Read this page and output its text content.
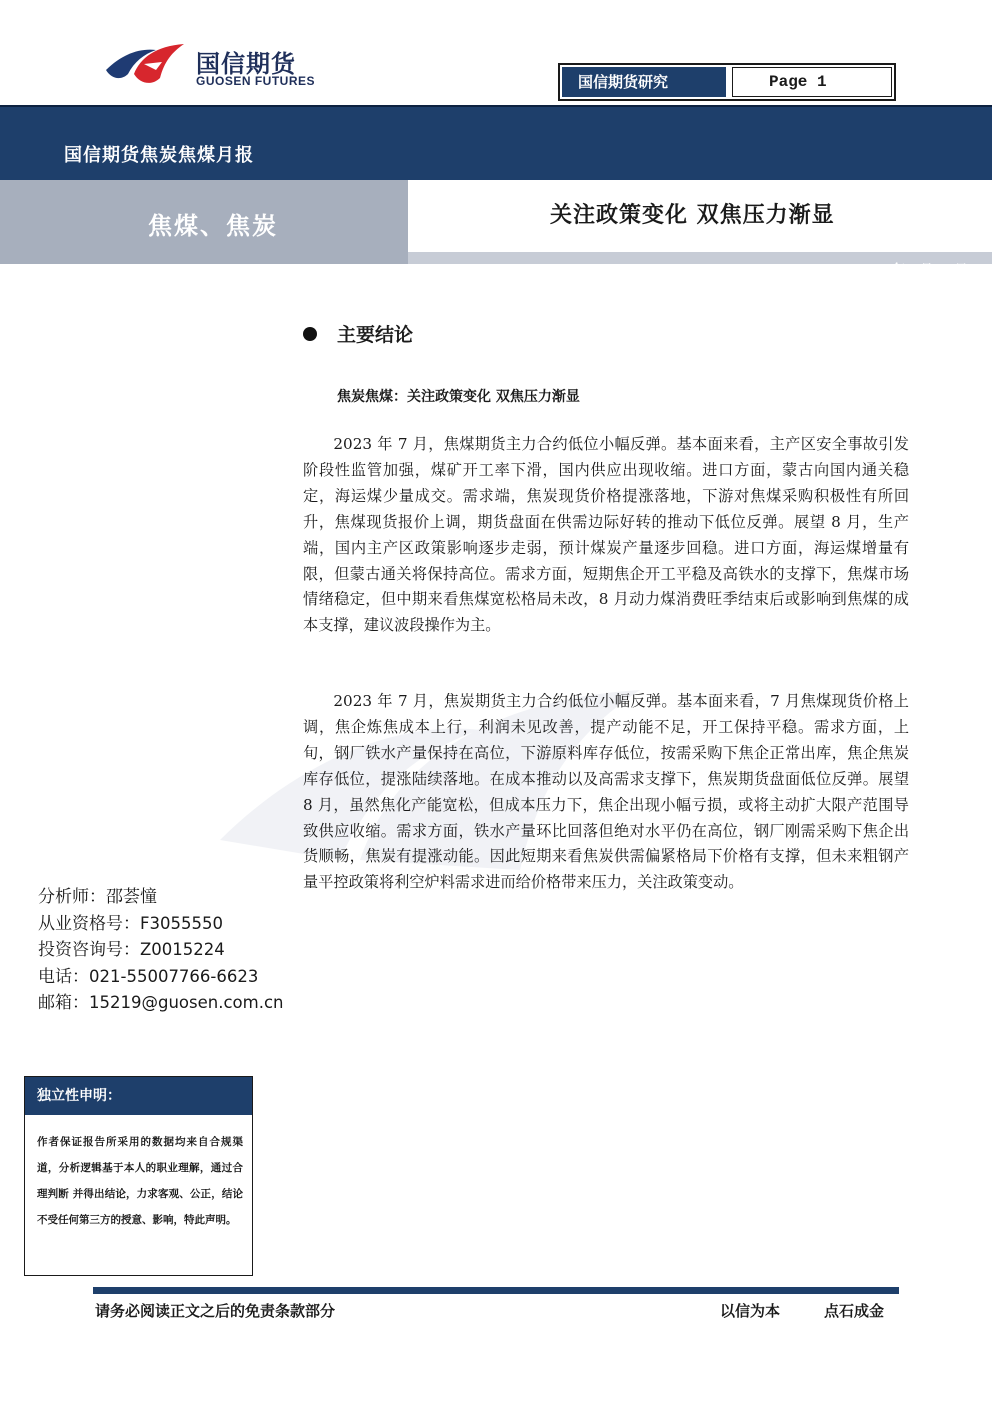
国信期货
GUOSEN FUTURES	国信期货研究	Page 1
国信期货焦炭焦煤月报
焦煤、焦炭	关注政策变化 双焦压力渐显
2023 年 7 月 30 日
主要结论
焦炭焦煤：关注政策变化 双焦压力渐显
2023 年 7 月，焦煤期货主力合约低位小幅反弹。基本面来看，主产区安全事故引发阶段性监管加强，煤矿开工率下滑，国内供应出现收缩。进口方面，蒙古向国内通关稳定，海运煤少量成交。需求端，焦炭现货价格提涨落地，下游对焦煤采购积极性有所回升，焦煤现货报价上调，期货盘面在供需边际好转的推动下低位反弹。展望 8 月，生产端，国内主产区政策影响逐步走弱，预计煤炭产量逐步回稳。进口方面，海运煤增量有限，但蒙古通关将保持高位。需求方面，短期焦企开工平稳及高铁水的支撑下，焦煤市场情绪稳定，但中期来看焦煤宽松格局未改，8 月动力煤消费旺季结束后或影响到焦煤的成本支撑，建议波段操作为主。
2023 年 7 月，焦炭期货主力合约低位小幅反弹。基本面来看，7 月焦煤现货价格上调，焦企炼焦成本上行，利润未见改善，提产动能不足，开工保持平稳。需求方面，上旬，钢厂铁水产量保持在高位，下游原料库存低位，按需采购下焦企正常出库，焦企焦炭库存低位，提涨陆续落地。在成本推动以及高需求支撑下，焦炭期货盘面低位反弹。展望 8 月，虽然焦化产能宽松，但成本压力下，焦企出现小幅亏损，或将主动扩大限产范围导致供应收缩。需求方面，铁水产量环比回落但绝对水平仍在高位，钢厂刚需采购下焦企出货顺畅，焦炭有提涨动能。因此短期来看焦炭供需偏紧格局下价格有支撑，但未来粗钢产量平控政策将利空炉料需求进而给价格带来压力，关注政策变动。
分析师：邵荟憧
从业资格号：F3055550
投资咨询号：Z0015224
电话：021-55007766-6623
邮箱：15219@guosen.com.cn
独立性申明：
作者保证报告所采用的数据均来自合规渠道，分析逻辑基于本人的职业理解，通过合理判断 并得出结论，力求客观、公正，结论不受任何第三方的授意、影响，特此声明。
请务必阅读正文之后的免责条款部分	以信为本	点石成金
